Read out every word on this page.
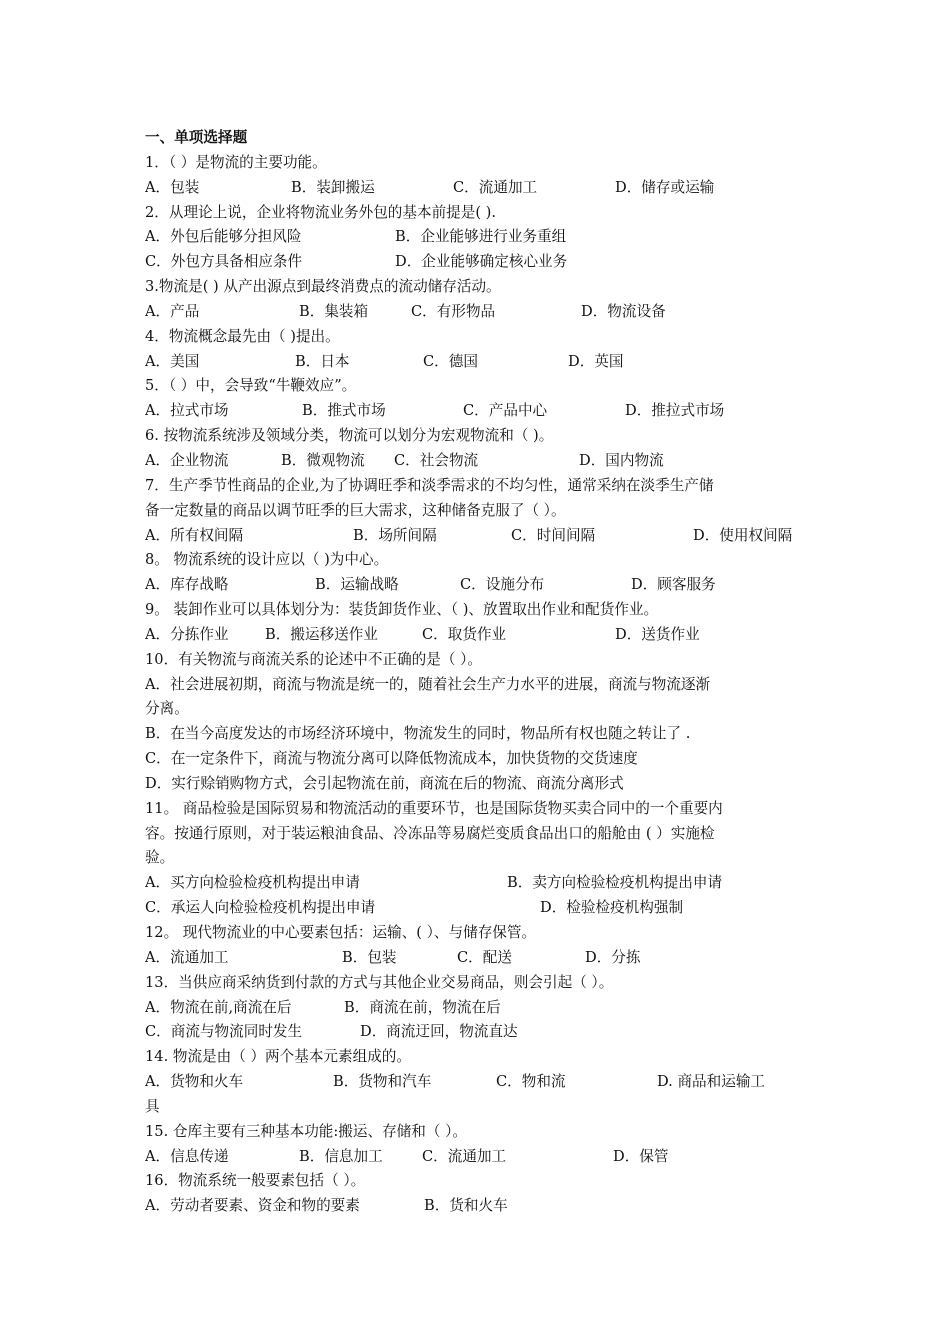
一、单项选择题
1．（ ）是物流的主要功能。
A．包装	B．装卸搬运	C．流通加工	D．储存或运输
2．从理论上说，企业将物流业务外包的基本前提是( ).
A．外包后能够分担风险	B．企业能够进行业务重组
C．外包方具备相应条件	D．企业能够确定核心业务
3.物流是( ) 从产出源点到最终消费点的流动储存活动。
A．产品	B．集装箱	C．有形物品	D．物流设备
4．物流概念最先由（ )提出。
A．美国	B．日本	C．德国	D．英国
5．（ ）中，会导致“牛鞭效应”。
A．拉式市场	B．推式市场	C．产品中心	D．推拉式市场
6. 按物流系统涉及领域分类，物流可以划分为宏观物流和（ )。
A．企业物流	B．微观物流	C．社会物流	D．国内物流
7．生产季节性商品的企业,为了协调旺季和淡季需求的不均匀性，通常采纳在淡季生产储
备一定数量的商品以调节旺季的巨大需求，这种储备克服了（ ）。
A．所有权间隔	B．场所间隔	C．时间间隔	D．使用权间隔
8。 物流系统的设计应以（ )为中心。
A．库存战略	B．运输战略	C．设施分布	D．顾客服务
9。 装卸作业可以具体划分为：装货卸货作业、（ )、放置取出作业和配货作业。
A．分拣作业	B．搬运移送作业	C．取货作业	D．送货作业
10．有关物流与商流关系的论述中不正确的是（ ）。
A．社会进展初期，商流与物流是统一的，随着社会生产力水平的进展，商流与物流逐渐
分离。
B．在当今高度发达的市场经济环境中，物流发生的同时，物品所有权也随之转让了 .
C．在一定条件下，商流与物流分离可以降低物流成本，加快货物的交货速度
D．实行赊销购物方式，会引起物流在前，商流在后的物流、商流分离形式
11。 商品检验是国际贸易和物流活动的重要环节，也是国际货物买卖合同中的一个重要内
容。按通行原则，对于装运粮油食品、冷冻品等易腐烂变质食品出口的船舱由 ( ）实施检
验。
A．买方向检验检疫机构提出申请	B．卖方向检验检疫机构提出申请
C．承运人向检验检疫机构提出申请	D．检验检疫机构强制
12。 现代物流业的中心要素包括：运输、( ）、与储存保管。
A．流通加工	B．包装	C．配送	D．分拣
13．当供应商采纳货到付款的方式与其他企业交易商品，则会引起（ ）。
A．物流在前,商流在后	B．商流在前，物流在后
C．商流与物流同时发生	D．商流迂回，物流直达
14. 物流是由（ ）两个基本元素组成的。
A．货物和火车	B．货物和汽车	C．物和流	D. 商品和运输工
具
15. 仓库主要有三种基本功能:搬运、存储和（ ）。
A．信息传递	B．信息加工	C．流通加工	D．保管
16．物流系统一般要素包括（ ）。
A．劳动者要素、资金和物的要素	B．货和火车
